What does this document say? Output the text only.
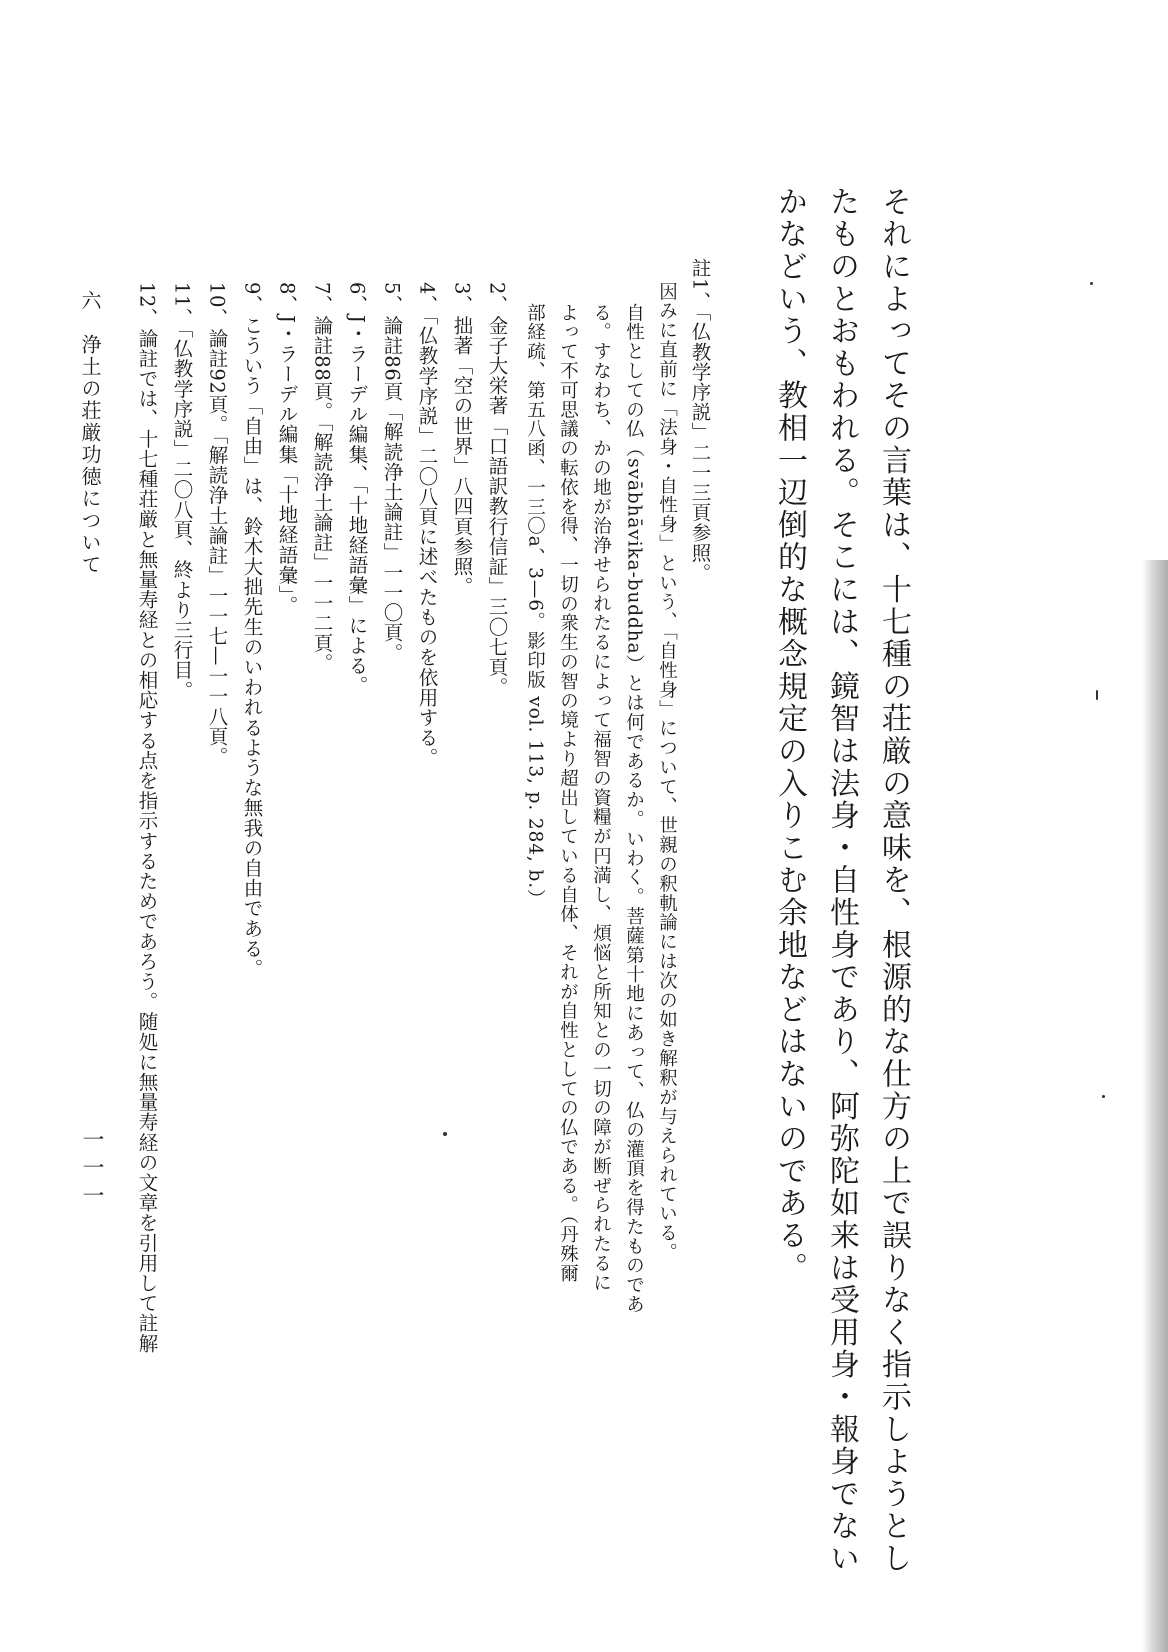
それによってその言葉は、十七種の荘厳の意味を、根源的な仕方の上で誤りなく指示しようとし
たものとおもわれる。そこには、鏡智は法身・自性身であり、阿弥陀如来は受用身・報身でない
かなどいう、教相一辺倒的な概念規定の入りこむ余地などはないのである。
註1、「仏教学序説」二一三頁参照。
因みに直前に「法身・自性身」という、「自性身」について、世親の釈軌論には次の如き解釈が与えられている。
自性としての仏（svābhāvika-buddha）とは何であるか。いわく。菩薩第十地にあって、仏の灌頂を得たものであ
る。すなわち、かの地が治浄せられたるによって福智の資糧が円満し、煩悩と所知との一切の障が断ぜられたるに
よって不可思議の転依を得、一切の衆生の智の境より超出している自体、それが自性としての仏である。（丹殊爾
部経疏、第五八函、一三〇a、3—6。影印版 vol. 113, p. 284, b.）
2、金子大栄著「口語訳教行信証」三〇七頁。
3、拙著「空の世界」八四頁参照。
4、「仏教学序説」二〇八頁に述べたものを依用する。
5、論註86頁「解読浄土論註」一一〇頁。
6、J・ラーデル編集、「十地経語彙」による。
7、論註88頁。「解読浄土論註」一一二頁。
8、J・ラーデル編集「十地経語彙」。
9、こういう「自由」は、鈴木大拙先生のいわれるような無我の自由である。
10、論註92頁。「解読浄土論註」一一七—一一八頁。
11、「仏教学序説」二〇八頁、終より三行目。
12、論註では、十七種荘厳と無量寿経との相応する点を指示するためであろう。随処に無量寿経の文章を引用して註解
六　浄土の荘厳功徳について
一一一
